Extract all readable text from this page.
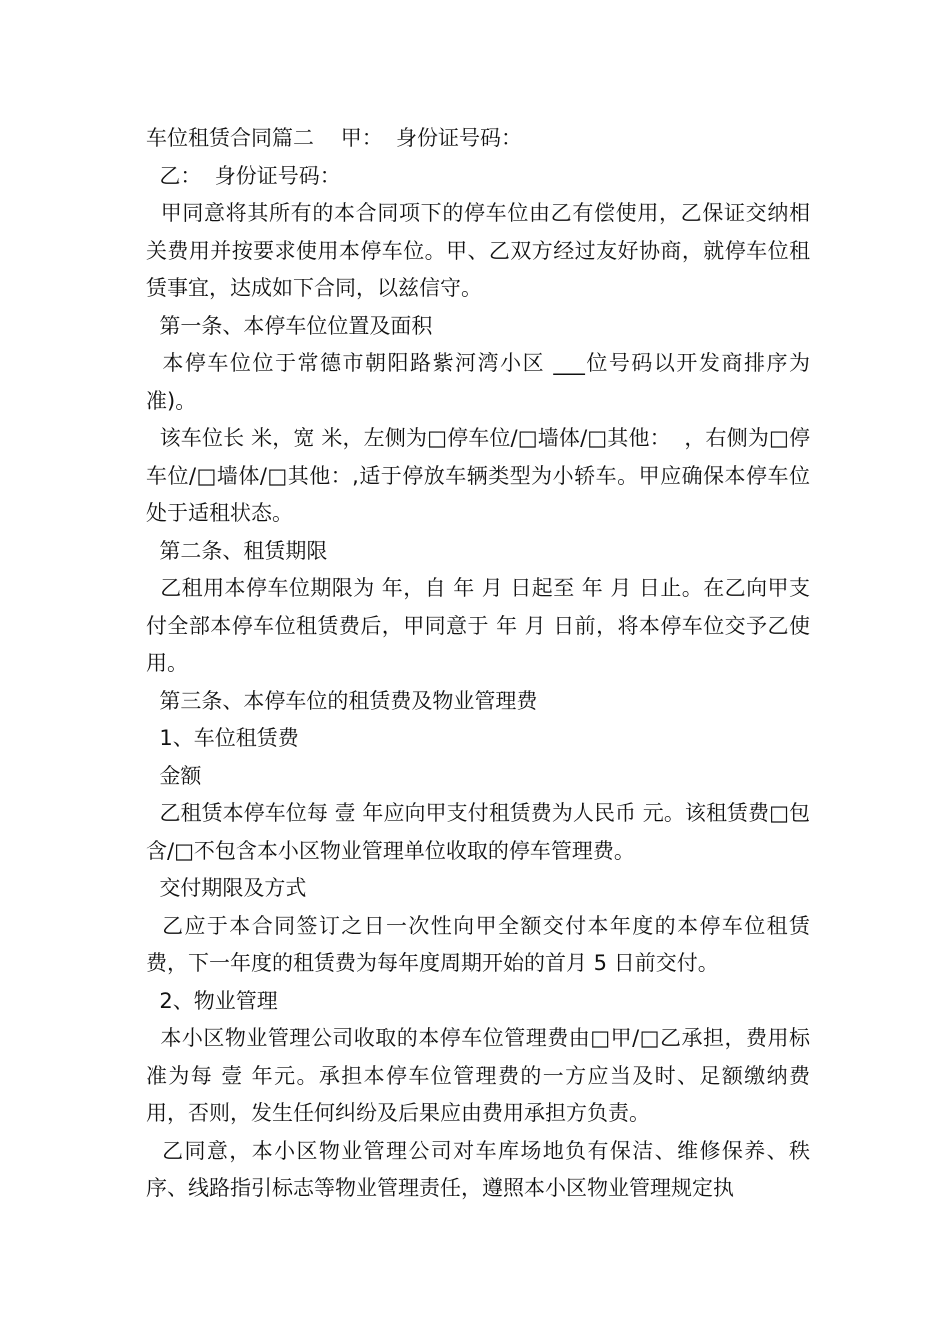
车位租赁合同篇二    甲：  身份证号码：

乙：  身份证号码：

甲同意将其所有的本合同项下的停车位由乙有偿使用，乙保证交纳相关费用并按要求使用本停车位。甲、乙双方经过友好协商，就停车位租赁事宜，达成如下合同，以兹信守。

第一条、本停车位位置及面积

本停车位位于常德市朝阳路紫河湾小区 ___位号码以开发商排序为准)。

该车位长 米，宽 米，左侧为□停车位/□墙体/□其他：  ，右侧为□停车位/□墙体/□其他：,适于停放车辆类型为小轿车。甲应确保本停车位处于适租状态。

第二条、租赁期限

乙租用本停车位期限为 年，自 年 月 日起至 年 月 日止。在乙向甲支付全部本停车位租赁费后，甲同意于 年 月 日前，将本停车位交予乙使用。

第三条、本停车位的租赁费及物业管理费

1、车位租赁费

金额

乙租赁本停车位每 壹 年应向甲支付租赁费为人民币 元。该租赁费□包含/□不包含本小区物业管理单位收取的停车管理费。

交付期限及方式

乙应于本合同签订之日一次性向甲全额交付本年度的本停车位租赁费，下一年度的租赁费为每年度周期开始的首月 5 日前交付。

2、物业管理

本小区物业管理公司收取的本停车位管理费由□甲/□乙承担，费用标准为每 壹 年元。承担本停车位管理费的一方应当及时、足额缴纳费用，否则，发生任何纠纷及后果应由费用承担方负责。

乙同意，本小区物业管理公司对车库场地负有保洁、维修保养、秩序、线路指引标志等物业管理责任，遵照本小区物业管理规定执
